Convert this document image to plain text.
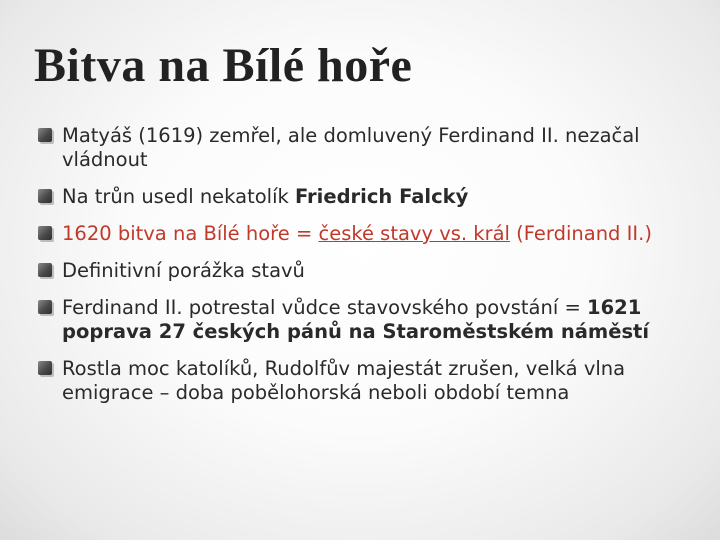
Bitva na Bílé hoře
Matyáš (1619) zemřel, ale domluvený Ferdinand II. nezačal vládnout
Na trůn usedl nekatolík Friedrich Falcký
1620 bitva na Bílé hoře = české stavy vs. král (Ferdinand II.)
Definitivní porážka stavů
Ferdinand II. potrestal vůdce stavovského povstání = 1621 poprava 27 českých pánů na Staroměstském náměstí
Rostla moc katolíků, Rudolfův majestát zrušen, velká vlna emigrace – doba pobělohorská neboli období temna
